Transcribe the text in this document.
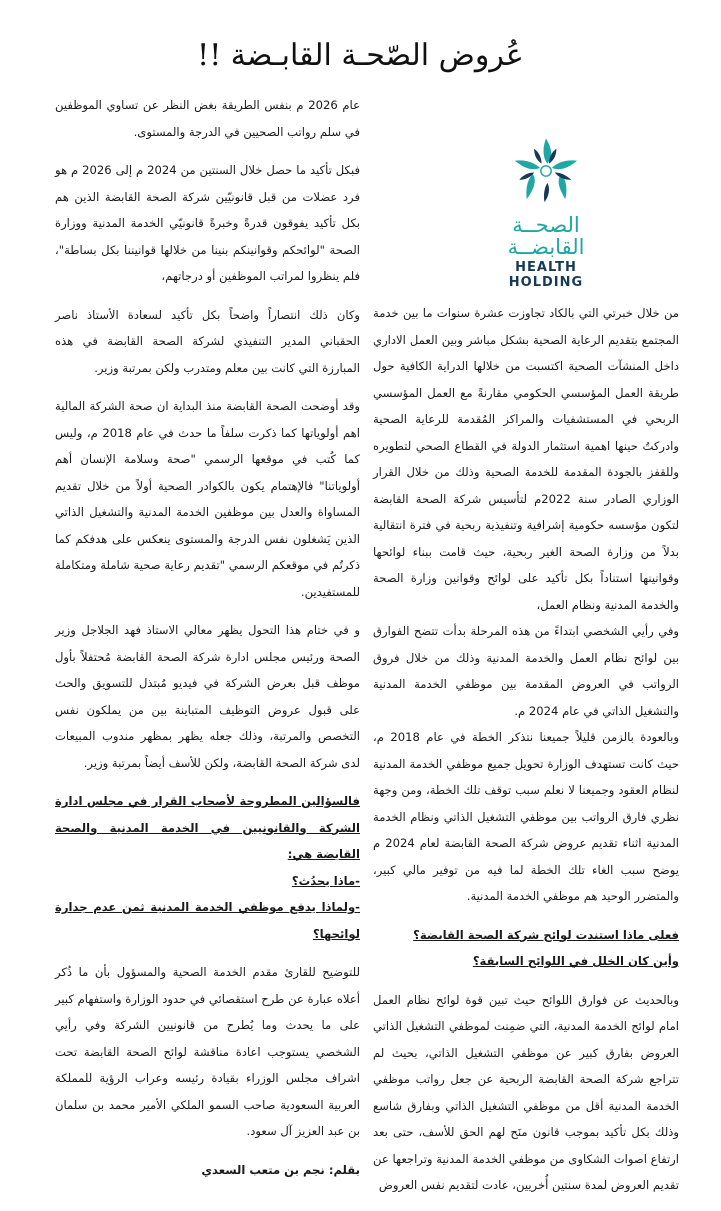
عُروض الصّحـة القابـضة !!
الصحــة القابضــة
HEALTH HOLDING

عام 2026 م بنفس الطريقة بغض النظر عن تساوي الموظفين في سلم رواتب الصحيين في الدرجة والمستوى.

فبكل تأكيد ما حصل خلال السنتين من 2024 م إلى 2026 م هو فرد عضلات من قبل قانونيّين شركة الصحة القابضة الذين هم بكل تأكيد يفوقون قدرةً وخبرةً قانونيّي الخدمة المدنية ووزارة الصحة "لوائحكم وقوانينكم بنينا من خلالها قوانيننا بكل بساطة"، فلم ينظروا لمراتب الموظفين أو درجاتهم،

وكان ذلك انتصاراً واضحاً بكل تأكيد لسعادة الأستاذ ناصر الحقباني المدير التنفيذي لشركة الصحة القابضة في هذه المبارزة التي كانت بين معلم ومتدرب ولكن بمرتبة وزير.

وقد أوضحت الصحة القابضة منذ البداية ان صحة الشركة المالية اهم أولوياتها كما ذكرت سلفاً ما حدث في عام 2018 م، وليس كما كُتب في موقعها الرسمي "صحة وسلامة الإنسان أهم أولوياتنا" فالإهتمام يكون بالكوادر الصحية أولاً من خلال تقديم المساواة والعدل بين موظفين الخدمة المدنية والتشغيل الذاتي الذين يَشغلون نفس الدرجة والمستوى ينعكس على هدفكم كما ذكرتُم في موقعكم الرسمي "تقديم رعاية صحية شاملة ومتكاملة للمستفيدين.

و في ختام هذا التحول يظهر معالي الاستاذ فهد الجلاجل وزير الصحة ورئيس مجلس ادارة شركة الصحة القابضة مُحتفلاً بأول موظف قبل بعرض الشركة في فيديو مُبتذل للتسويق والحث على قبول عروض التوظيف المتباينة بين من يملكون نفس التخصص والمرتبة، وذلك جعله يظهر بمظهر مندوب المبيعات لدى شركة الصحة القابضة، ولكن للأسف أيضاً بمرتبة وزير.

فالسؤالين المطروحة لأصحاب القرار في مجلس ادارة الشركة والقانونيين في الخدمة المدنية والصحة القابضة هي:

-ماذا يحدُث؟

-ولماذا يدفع موظفي الخدمة المدنية ثمن عدم جدارة لوائحها؟

للتوضيح للقارئ مقدم الخدمة الصحية والمسؤول بأن ما ذُكر أعلاه عبارة عن طرح استقصائي في حدود الوزارة واستفهام كبير على ما يحدث وما يُطرح من قانونيين الشركة وفي رأيي الشخصي يستوجب اعادة مناقشة لوائح الصحة القابضة تحت اشراف مجلس الوزراء بقيادة رئيسه وعراب الرؤية للمملكة العربية السعودية صاحب السمو الملكي الأمير محمد بن سلمان بن عبد العزيز آل سعود.

بقلم: نجم بن متعب السعدي

من خلال خبرتي التي بالكاد تجاوزت عشرة سنوات ما بين خدمة المجتمع بتقديم الرعاية الصحية بشكل مباشر وبين العمل الاداري داخل المنشآت الصحية اكتسبت من خلالها الدراية الكافية حول طريقة العمل المؤسسي الحكومي مقارنةً مع العمل المؤسسي الربحي في المستشفيات والمراكز المُقدمة للرعاية الصحية وادركتُ حينها اهمية استثمار الدولة في القطاع الصحي لتطويره وللقفز بالجودة المقدمة للخدمة الصحية وذلك من خلال القرار الوزاري الصادر سنة 2022م لتأسيس شركة الصحة القابضة لتكون مؤسسه حكومية إشرافية وتنفيذية ربحية في فترة انتقالية بدلاً من وزارة الصحة الغير ربحية، حيث قامت ببناء لوائحها وقوانينها استناداً بكل تأكيد على لوائح وقوانين وزارة الصحة والخدمة المدنية ونظام العمل،

وفي رأيي الشخصي ابتداءً من هذه المرحلة بدأت تتضح الفوارق بين لوائح نظام العمل والخدمة المدنية وذلك من خلال فروق الرواتب في العروض المقدمة بين موظفي الخدمة المدنية والتشغيل الذاتي في عام 2024 م.

وبالعودة بالزمن قليلاً جميعنا نتذكر الخطة في عام 2018 م، حيث كانت تستهدف الوزارة تحويل جميع موظفي الخدمة المدنية لنظام العقود وجميعنا لا نعلم سبب توقف تلك الخطة، ومن وجهة نظري فارق الرواتب بين موظفي التشغيل الذاتي ونظام الخدمة المدنية اثناء تقديم عروض شركة الصحة القابضة لعام 2024 م يوضح سبب الغاء تلك الخطة لما فيه من توفير مالي كبير، والمتضرر الوحيد هم موظفي الخدمة المدنية.

فعلى ماذا استندت لوائح شركة الصحة القابضة؟

وأين كان الخلل في اللوائح السابقة؟

وبالحديث عن فوارق اللوائح حيث تبين قوة لوائح نظام العمل امام لوائح الخدمة المدنية، التي ضمِنت لموظفي التشغيل الذاتي العروض بفارق كبير عن موظفي التشغيل الذاتي، بحيث لم تتراجع شركة الصحة القابضة الربحية عن جعل رواتب موظفي الخدمة المدنية أقل من موظفي التشغيل الذاتي وبفارق شاسع وذلك بكل تأكيد بموجب قانون منَح لهم الحق للأسف، حتى بعد ارتفاع اصوات الشكاوى من موظفي الخدمة المدنية وتراجعها عن تقديم العروض لمدة سنتين أُخريين، عادت لتقديم نفس العروض
